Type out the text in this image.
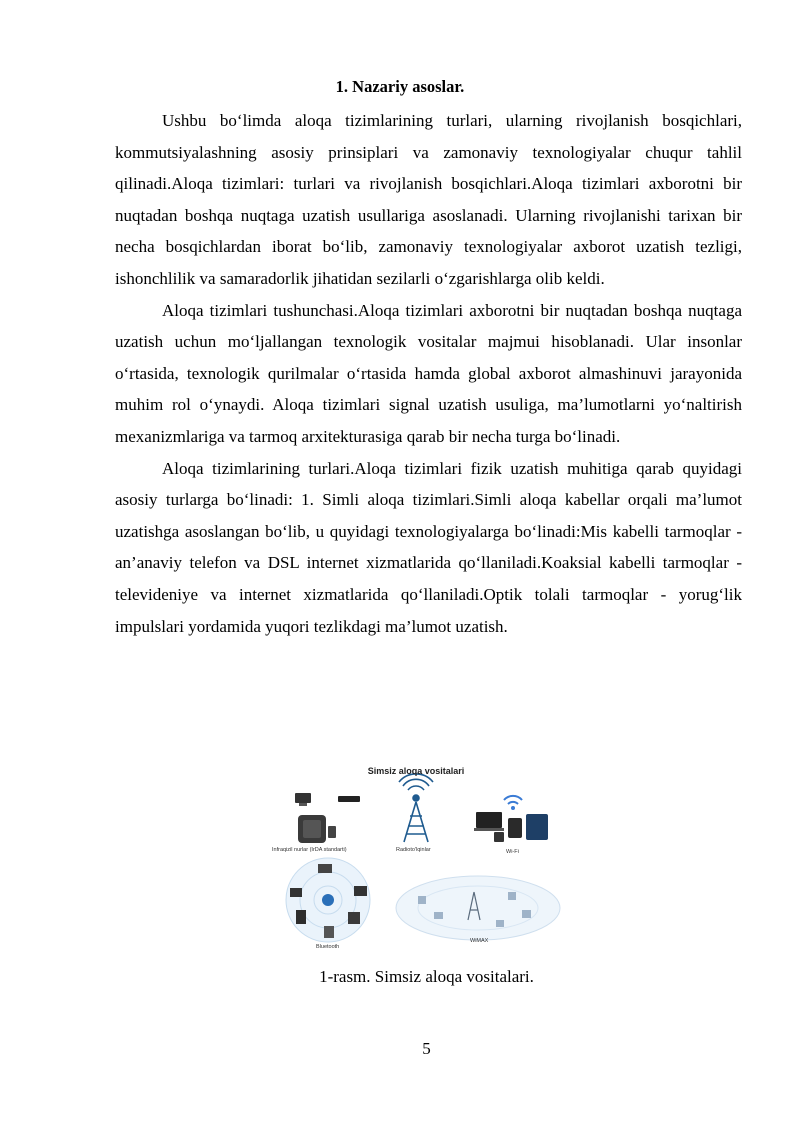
1. Nazariy asoslar.

Ushbu bo‘limda aloqa tizimlarining turlari, ularning rivojlanish bosqichlari, kommutsiyalashning asosiy prinsiplari va zamonaviy texnologiyalar chuqur tahlil qilinadi.Aloqa tizimlari: turlari va rivojlanish bosqichlari.Aloqa tizimlari axborotni bir nuqtadan boshqa nuqtaga uzatish usullariga asoslanadi. Ularning rivojlanishi tarixan bir necha bosqichlardan iborat bo‘lib, zamonaviy texnologiyalar axborot uzatish tezligi, ishonchlilik va samaradorlik jihatidan sezilarli o‘zgarishlarga olib keldi.

Aloqa tizimlari tushunchasi.Aloqa tizimlari axborotni bir nuqtadan boshqa nuqtaga uzatish uchun mo‘ljallangan texnologik vositalar majmui hisoblanadi. Ular insonlar o‘rtasida, texnologik qurilmalar o‘rtasida hamda global axborot almashinuvi jarayonida muhim rol o‘ynaydi. Aloqa tizimlari signal uzatish usuliga, ma’lumotlarni yo‘naltirish mexanizmlariga va tarmoq arxitekturasiga qarab bir necha turga bo‘linadi.

Aloqa tizimlarining turlari.Aloqa tizimlari fizik uzatish muhitiga qarab quyidagi asosiy turlarga bo‘linadi: 1. Simli aloqa tizimlari.Simli aloqa kabellar orqali ma’lumot uzatishga asoslangan bo‘lib, u quyidagi texnologiyalarga bo‘linadi:Mis kabelli tarmoqlar - an’anaviy telefon va DSL internet xizmatlarida qo‘llaniladi.Koaksial kabelli tarmoqlar - televideniye va internet xizmatlarida qo‘llaniladi.Optik tolali tarmoqlar - yorug‘lik impulslari yordamida yuqori tezlikdagi ma’lumot uzatish.

Simsiz aloqa vositalari
Infraqizil nurlar (IrDA standarti)	Radioto'lqinlar	Wi-Fi
Bluetooth
WiMAX
1-rasm. Simsiz aloqa vositalari.
5
